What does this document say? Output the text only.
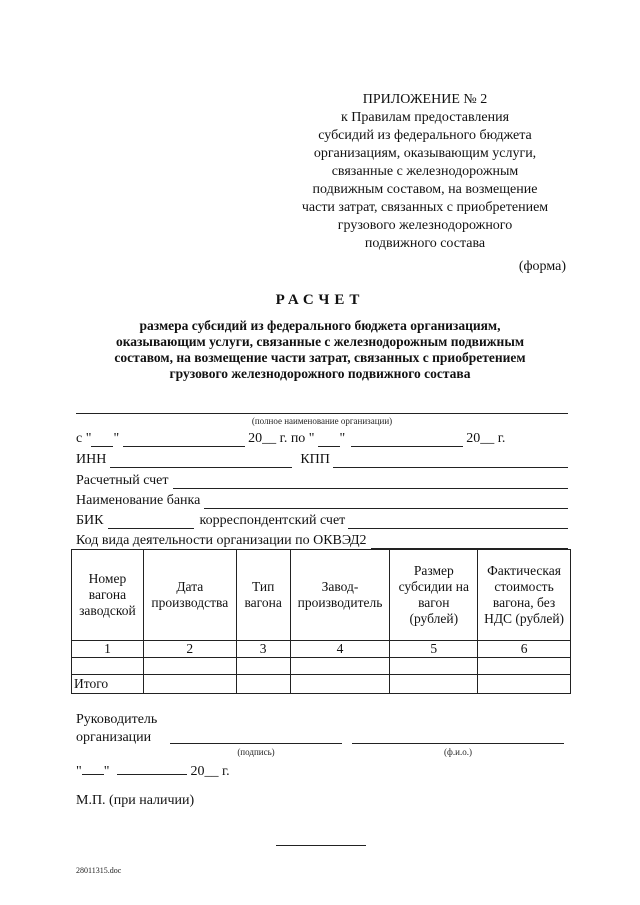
ПРИЛОЖЕНИЕ № 2
к Правилам предоставления
субсидий из федерального бюджета
организациям, оказывающим услуги,
связанные с железнодорожным
подвижным составом, на возмещение
части затрат, связанных с приобретением
грузового железнодорожного
подвижного состава
(форма)
РАСЧЕТ
размера субсидий из федерального бюджета организациям,
оказывающим услуги, связанные с железнодорожным подвижным
составом, на возмещение части затрат, связанных с приобретением
грузового железнодорожного подвижного состава
(полное наименование организации)
с " "	20__ г. по " "	20__ г.
ИНН	КПП
Расчетный счет
Наименование банка
БИК	корреспондентский счет
Код вида деятельности организации по ОКВЭД2
Номер вагона заводской	Дата производства	Тип вагона	Завод-производитель	Размер субсидии на вагон (рублей)	Фактическая стоимость вагона, без НДС (рублей)
1	2	3	4	5	6

Итого					
Руководитель
организации
(подпись)	(ф.и.о.)
" "	20__ г.
М.П. (при наличии)
28011315.doc
